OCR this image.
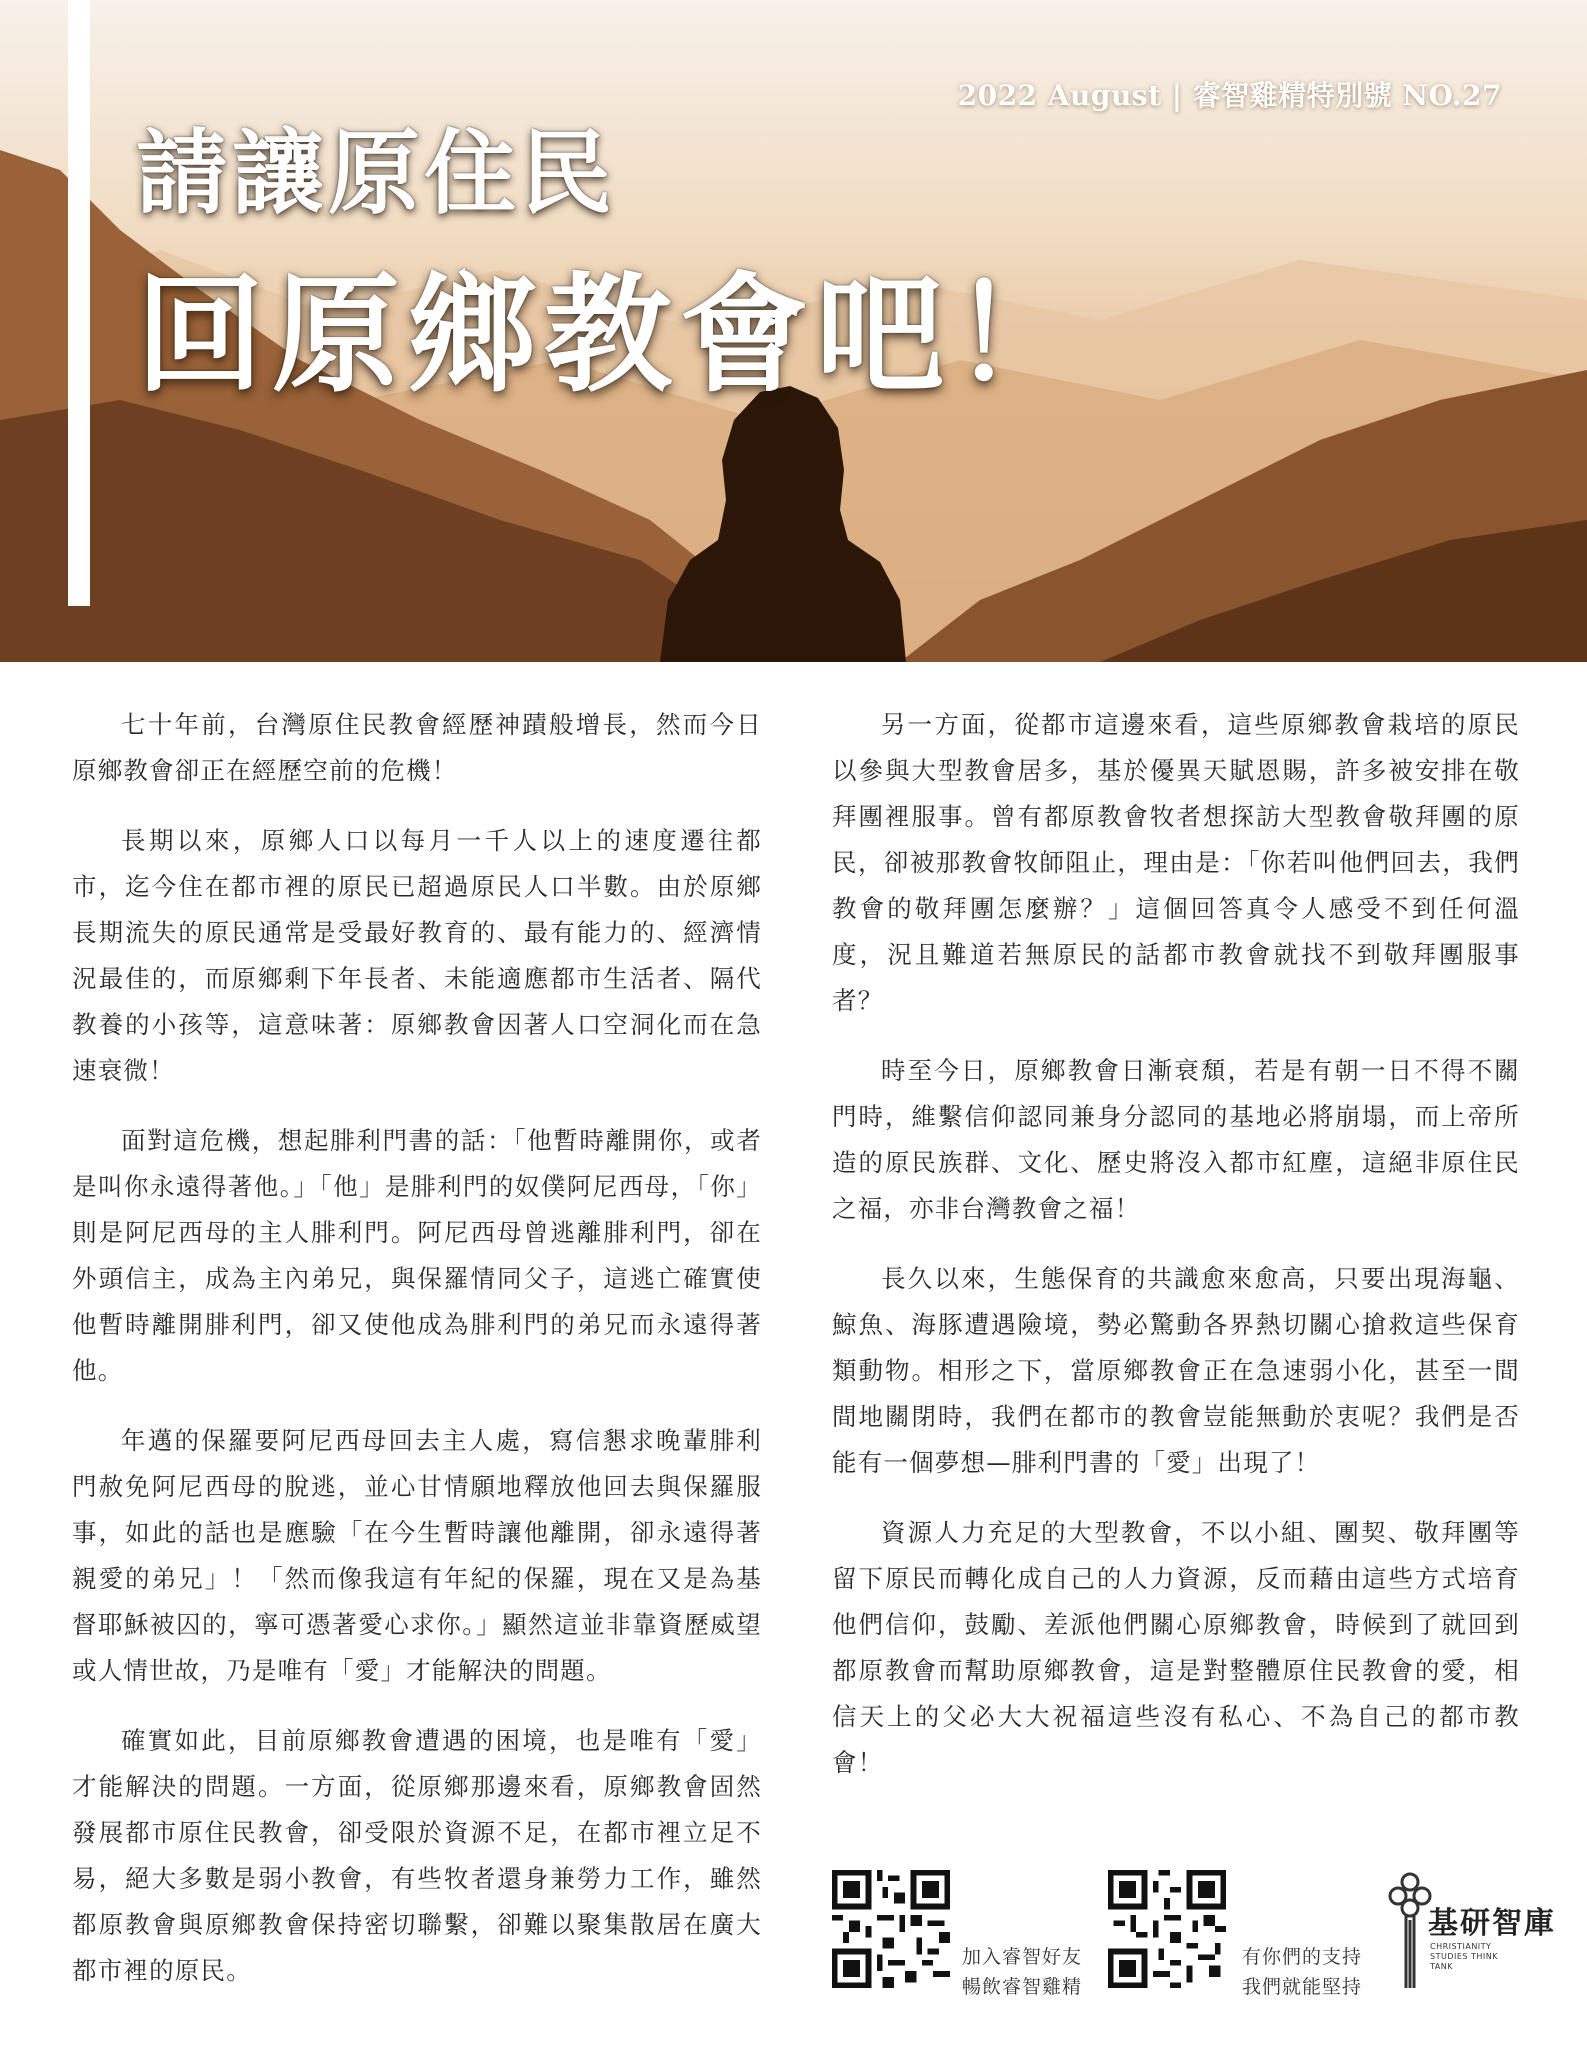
2022 August | 睿智雞精特別號 NO.27
請讓原住民
回原鄉教會吧！

七十年前，台灣原住民教會經歷神蹟般增長，然而今日原鄉教會卻正在經歷空前的危機！

長期以來，原鄉人口以每月一千人以上的速度遷往都市，迄今住在都市裡的原民已超過原民人口半數。由於原鄉長期流失的原民通常是受最好教育的、最有能力的、經濟情況最佳的，而原鄉剩下年長者、未能適應都市生活者、隔代教養的小孩等，這意味著：原鄉教會因著人口空洞化而在急速衰微！

面對這危機，想起腓利門書的話：「他暫時離開你，或者是叫你永遠得著他。」「他」是腓利門的奴僕阿尼西母，「你」則是阿尼西母的主人腓利門。阿尼西母曾逃離腓利門，卻在外頭信主，成為主內弟兄，與保羅情同父子，這逃亡確實使他暫時離開腓利門，卻又使他成為腓利門的弟兄而永遠得著他。

年邁的保羅要阿尼西母回去主人處，寫信懇求晚輩腓利門赦免阿尼西母的脫逃，並心甘情願地釋放他回去與保羅服事，如此的話也是應驗「在今生暫時讓他離開，卻永遠得著親愛的弟兄」！「然而像我這有年紀的保羅，現在又是為基督耶穌被囚的，寧可憑著愛心求你。」顯然這並非靠資歷威望或人情世故，乃是唯有「愛」才能解決的問題。

確實如此，目前原鄉教會遭遇的困境，也是唯有「愛」才能解決的問題。一方面，從原鄉那邊來看，原鄉教會固然發展都市原住民教會，卻受限於資源不足，在都市裡立足不易，絕大多數是弱小教會，有些牧者還身兼勞力工作，雖然都原教會與原鄉教會保持密切聯繫，卻難以聚集散居在廣大都市裡的原民。

另一方面，從都市這邊來看，這些原鄉教會栽培的原民以參與大型教會居多，基於優異天賦恩賜，許多被安排在敬拜團裡服事。曾有都原教會牧者想探訪大型教會敬拜團的原民，卻被那教會牧師阻止，理由是：「你若叫他們回去，我們教會的敬拜團怎麼辦？」這個回答真令人感受不到任何溫度，況且難道若無原民的話都市教會就找不到敬拜團服事者？

時至今日，原鄉教會日漸衰頹，若是有朝一日不得不關門時，維繫信仰認同兼身分認同的基地必將崩塌，而上帝所造的原民族群、文化、歷史將沒入都市紅塵，這絕非原住民之福，亦非台灣教會之福！

長久以來，生態保育的共識愈來愈高，只要出現海龜、鯨魚、海豚遭遇險境，勢必驚動各界熱切關心搶救這些保育類動物。相形之下，當原鄉教會正在急速弱小化，甚至一間間地關閉時，我們在都市的教會豈能無動於衷呢？我們是否能有一個夢想—腓利門書的「愛」出現了！

資源人力充足的大型教會，不以小組、團契、敬拜團等留下原民而轉化成自己的人力資源，反而藉由這些方式培育他們信仰，鼓勵、差派他們關心原鄉教會，時候到了就回到都原教會而幫助原鄉教會，這是對整體原住民教會的愛，相信天上的父必大大祝福這些沒有私心、不為自己的都市教會！

加入睿智好友
暢飲睿智雞精
有你們的支持
我們就能堅持
基研智庫
CHRISTIANITY STUDIES THINK TANK
